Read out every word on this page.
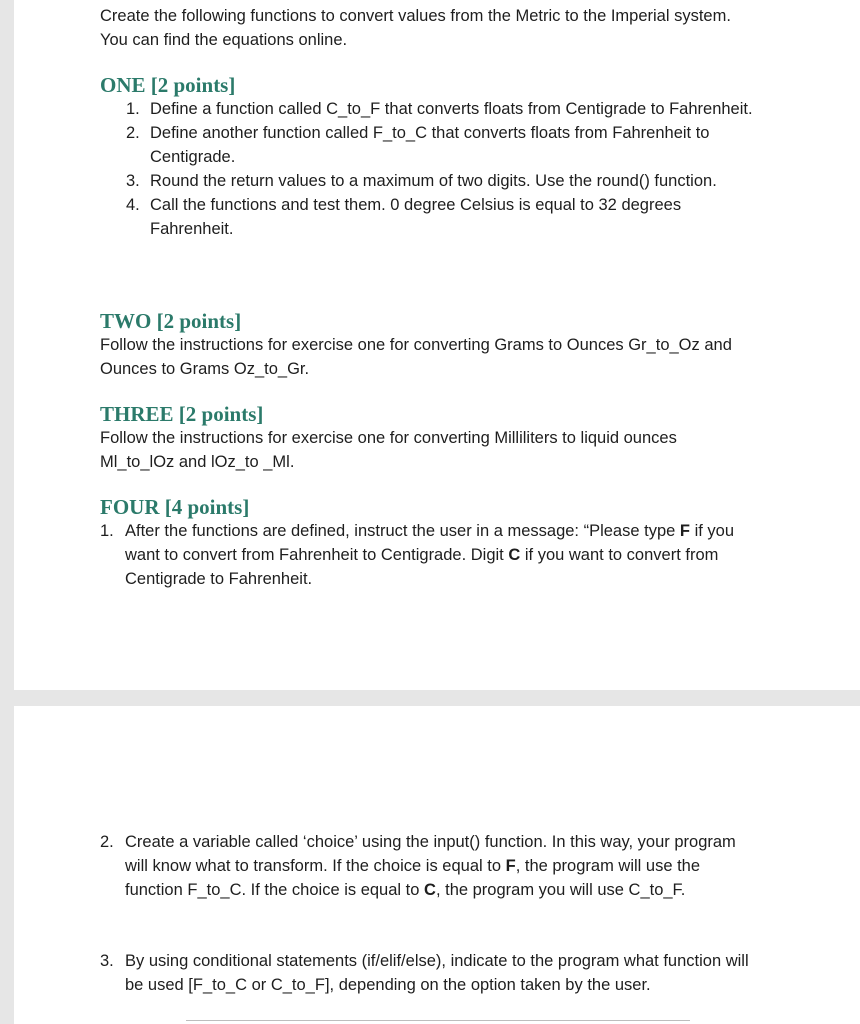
Create the following functions to convert values from the Metric to the Imperial system. You can find the equations online.

ONE [2 points]
1. Define a function called C_to_F that converts floats from Centigrade to Fahrenheit.
2. Define another function called F_to_C that converts floats from Fahrenheit to Centigrade.
3. Round the return values to a maximum of two digits. Use the round() function.
4. Call the functions and test them. 0 degree Celsius is equal to 32 degrees Fahrenheit.
TWO [2 points]

Follow the instructions for exercise one for converting Grams to Ounces Gr_to_Oz and Ounces to Grams Oz_to_Gr.

THREE [2 points]

Follow the instructions for exercise one for converting Milliliters to liquid ounces Ml_to_lOz and lOz_to _Ml.

FOUR [4 points]
1. After the functions are defined, instruct the user in a message: “Please type F if you want to convert from Fahrenheit to Centigrade. Digit C if you want to convert from Centigrade to Fahrenheit.
2. Create a variable called ‘choice’ using the input() function. In this way, your program will know what to transform. If the choice is equal to F, the program will use the function F_to_C. If the choice is equal to C, the program you will use C_to_F.
3. By using conditional statements (if/elif/else), indicate to the program what function will be used [F_to_C or C_to_F], depending on the option taken by the user.
